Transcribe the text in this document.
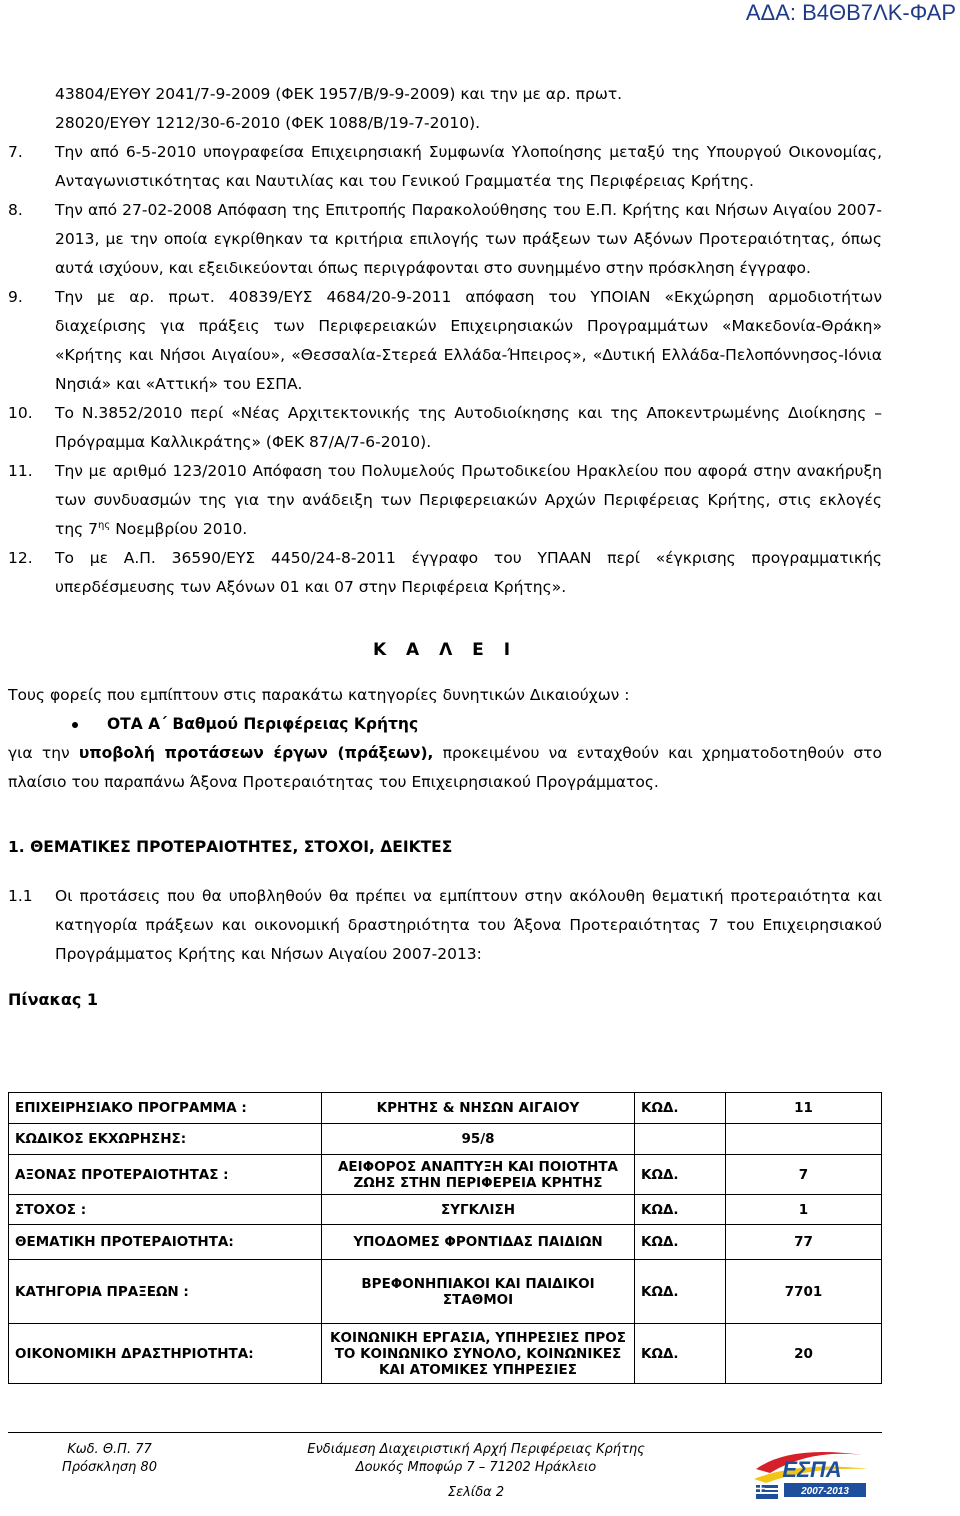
ΑΔΑ: Β4ΘΒ7ΛΚ-ΦΑΡ
43804/ΕΥΘΥ 2041/7-9-2009 (ΦΕΚ 1957/Β/9-9-2009) και την με αρ. πρωτ.
28020/ΕΥΘΥ 1212/30-6-2010 (ΦΕΚ 1088/Β/19-7-2010).
7. Την από 6-5-2010 υπογραφείσα Επιχειρησιακή Συμφωνία Υλοποίησης μεταξύ της Υπουργού Οικονομίας, Ανταγωνιστικότητας και Ναυτιλίας και του Γενικού Γραμματέα της Περιφέρειας Κρήτης.
8. Την από 27-02-2008 Απόφαση της Επιτροπής Παρακολούθησης του Ε.Π. Κρήτης και Νήσων Αιγαίου 2007-2013, με την οποία εγκρίθηκαν τα κριτήρια επιλογής των πράξεων των Αξόνων Προτεραιότητας, όπως αυτά ισχύουν, και εξειδικεύονται όπως περιγράφονται στο συνημμένο στην πρόσκληση έγγραφο.
9. Την με αρ. πρωτ. 40839/ΕΥΣ 4684/20-9-2011 απόφαση του ΥΠΟΙΑΝ «Εκχώρηση αρμοδιοτήτων διαχείρισης για πράξεις των Περιφερειακών Επιχειρησιακών Προγραμμάτων «Μακεδονία-Θράκη» «Κρήτης και Νήσοι Αιγαίου», «Θεσσαλία-Στερεά Ελλάδα-Ήπειρος», «Δυτική Ελλάδα-Πελοπόννησος-Ιόνια Νησιά» και «Αττική» του ΕΣΠΑ.
10. Το Ν.3852/2010 περί «Νέας Αρχιτεκτονικής της Αυτοδιοίκησης και της Αποκεντρωμένης Διοίκησης – Πρόγραμμα Καλλικράτης» (ΦΕΚ 87/Α/7-6-2010).
11. Την με αριθμό 123/2010 Απόφαση του Πολυμελούς Πρωτοδικείου Ηρακλείου που αφορά στην ανακήρυξη των συνδυασμών της για την ανάδειξη των Περιφερειακών Αρχών Περιφέρειας Κρήτης, στις εκλογές της $7^{\eta\varsigma}$ Νοεμβρίου 2010.
12. Το με Α.Π. 36590/ΕΥΣ 4450/24-8-2011 έγγραφο του ΥΠΑΑΝ περί «έγκρισης προγραμματικής υπερδέσμευσης των Αξόνων 01 και 07 στην Περιφέρεια Κρήτης».
Κ Α Λ Ε Ι
Τους φορείς που εμπίπτουν στις παρακάτω κατηγορίες δυνητικών Δικαιούχων :
ΟΤΑ Α΄ Βαθμού Περιφέρειας Κρήτης
για την υποβολή προτάσεων έργων (πράξεων), προκειμένου να ενταχθούν και χρηματοδοτηθούν στο πλαίσιο του παραπάνω Άξονα Προτεραιότητας του Επιχειρησιακού Προγράμματος.
1. ΘΕΜΑΤΙΚΕΣ ΠΡΟΤΕΡΑΙΟΤΗΤΕΣ, ΣΤΟΧΟΙ, ΔΕΙΚΤΕΣ
1.1 Οι προτάσεις που θα υποβληθούν θα πρέπει να εμπίπτουν στην ακόλουθη θεματική προτεραιότητα και κατηγορία πράξεων και οικονομική δραστηριότητα του Άξονα Προτεραιότητας 7 του Επιχειρησιακού Προγράμματος Κρήτης και Νήσων Αιγαίου 2007-2013:
Πίνακας 1
ΕΠΙΧΕΙΡΗΣΙΑΚΟ ΠΡΟΓΡΑΜΜΑ :	ΚΡΗΤΗΣ & ΝΗΣΩΝ ΑΙΓΑΙΟΥ	ΚΩΔ.	11
ΚΩΔΙΚΟΣ ΕΚΧΩΡΗΣΗΣ:	95/8		
ΑΞΟΝΑΣ ΠΡΟΤΕΡΑΙΟΤΗΤΑΣ :	ΑΕΙΦΟΡΟΣ ΑΝΑΠΤΥΞΗ ΚΑΙ ΠΟΙΟΤΗΤΑ ΖΩΗΣ ΣΤΗΝ ΠΕΡΙΦΕΡΕΙΑ ΚΡΗΤΗΣ	ΚΩΔ.	7
ΣΤΟΧΟΣ :	ΣΥΓΚΛΙΣΗ	ΚΩΔ.	1
ΘΕΜΑΤΙΚΗ ΠΡΟΤΕΡΑΙΟΤΗΤΑ:	ΥΠΟΔΟΜΕΣ ΦΡΟΝΤΙΔΑΣ ΠΑΙΔΙΩΝ	ΚΩΔ.	77
ΚΑΤΗΓΟΡΙΑ ΠΡΑΞΕΩΝ :	ΒΡΕΦΟΝΗΠΙΑΚΟΙ ΚΑΙ ΠΑΙΔΙΚΟΙ ΣΤΑΘΜΟΙ	ΚΩΔ.	7701
ΟΙΚΟΝΟΜΙΚΗ ΔΡΑΣΤΗΡΙΟΤΗΤΑ:	ΚΟΙΝΩΝΙΚΗ ΕΡΓΑΣΙΑ, ΥΠΗΡΕΣΙΕΣ ΠΡΟΣ ΤΟ ΚΟΙΝΩΝΙΚΟ ΣΥΝΟΛΟ, ΚΟΙΝΩΝΙΚΕΣ ΚΑΙ ΑΤΟΜΙΚΕΣ ΥΠΗΡΕΣΙΕΣ	ΚΩΔ.	20
Κωδ. Θ.Π. 77
Πρόσκληση 80
Ενδιάμεση Διαχειριστική Αρχή Περιφέρειας Κρήτης
Δουκός Μπoφώρ 7 – 71202 Ηράκλειο
Σελίδα 2
ΕΣΠΑ
2007-2013
